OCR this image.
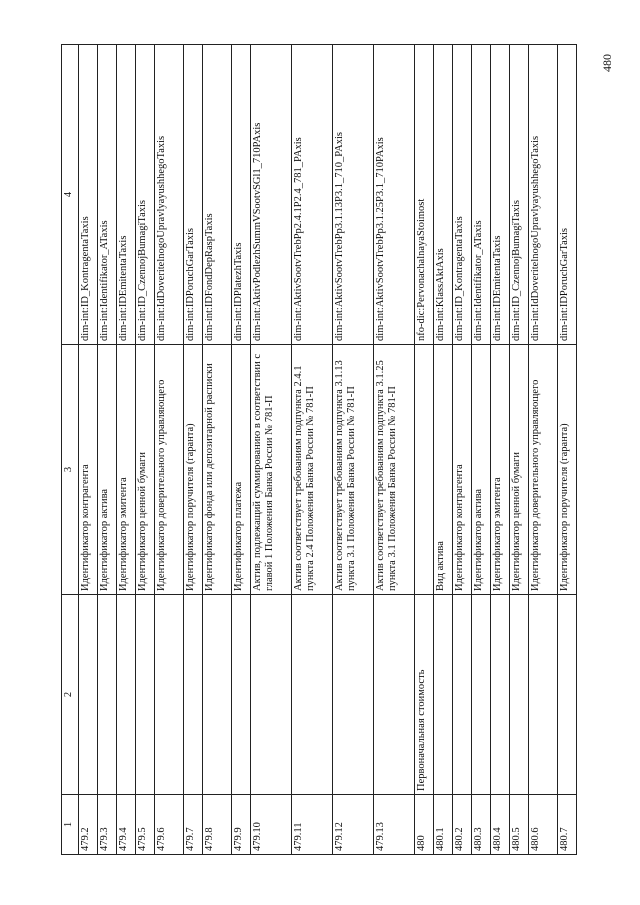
1	2	3	4
479.2		Идентификатор контрагента	dim-int:ID_KontragentaTaxis
479.3		Идентификатор актива	dim-int:Identifikator_ATaxis
479.4		Идентификатор эмитента	dim-int:IDEmitentaTaxis
479.5		Идентификатор ценной бумаги	dim-int:ID_CzennojBumagiTaxis
479.6		Идентификатор доверительного управляющего	dim-int:IdDoveritelnogoUpravlyayushhegoTaxis
479.7		Идентификатор поручителя (гаранта)	dim-int:IDPoruchGarTaxis
479.8		Идентификатор фонда или депозитарной расписки	dim-int:IDFondDepRaspTaxis
479.9		Идентификатор платежа	dim-int:IDPlatezhTaxis
479.10		Актив, подлежащий суммированию в соответствии с главой 1 Положения Банка России № 781-П	dim-int:AktivPodlezhSummVSootvSGl1_710PAxis
479.11		Актив соответствует требованиям подпункта 2.4.1 пункта 2.4 Положения Банка России № 781-П	dim-int:AktivSootvTrebPp2.4.1P2.4_781_PAxis
479.12		Актив соответствует требованиям подпункта 3.1.13 пункта 3.1 Положения Банка России № 781-П	dim-int:AktivSootvTrebPp3.1.13P3.1_710_PAxis
479.13		Актив соответствует требованиям подпункта 3.1.25 пункта 3.1 Положения Банка России № 781-П	dim-int:AktivSootvTrebPp3.1.25P3.1_710PAxis
480	Первоначальная стоимость		nfo-dic:PervonachalnayaStoimost
480.1		Вид актива	dim-int:KlassAktAxis
480.2		Идентификатор контрагента	dim-int:ID_KontragentaTaxis
480.3		Идентификатор актива	dim-int:Identifikator_ATaxis
480.4		Идентификатор эмитента	dim-int:IDEmitentaTaxis
480.5		Идентификатор ценной бумаги	dim-int:ID_CzennojBumagiTaxis
480.6		Идентификатор доверительного управляющего	dim-int:IdDoveritelnogoUpravlyayushhegoTaxis
480.7		Идентификатор поручителя (гаранта)	dim-int:IDPoruchGarTaxis
480
